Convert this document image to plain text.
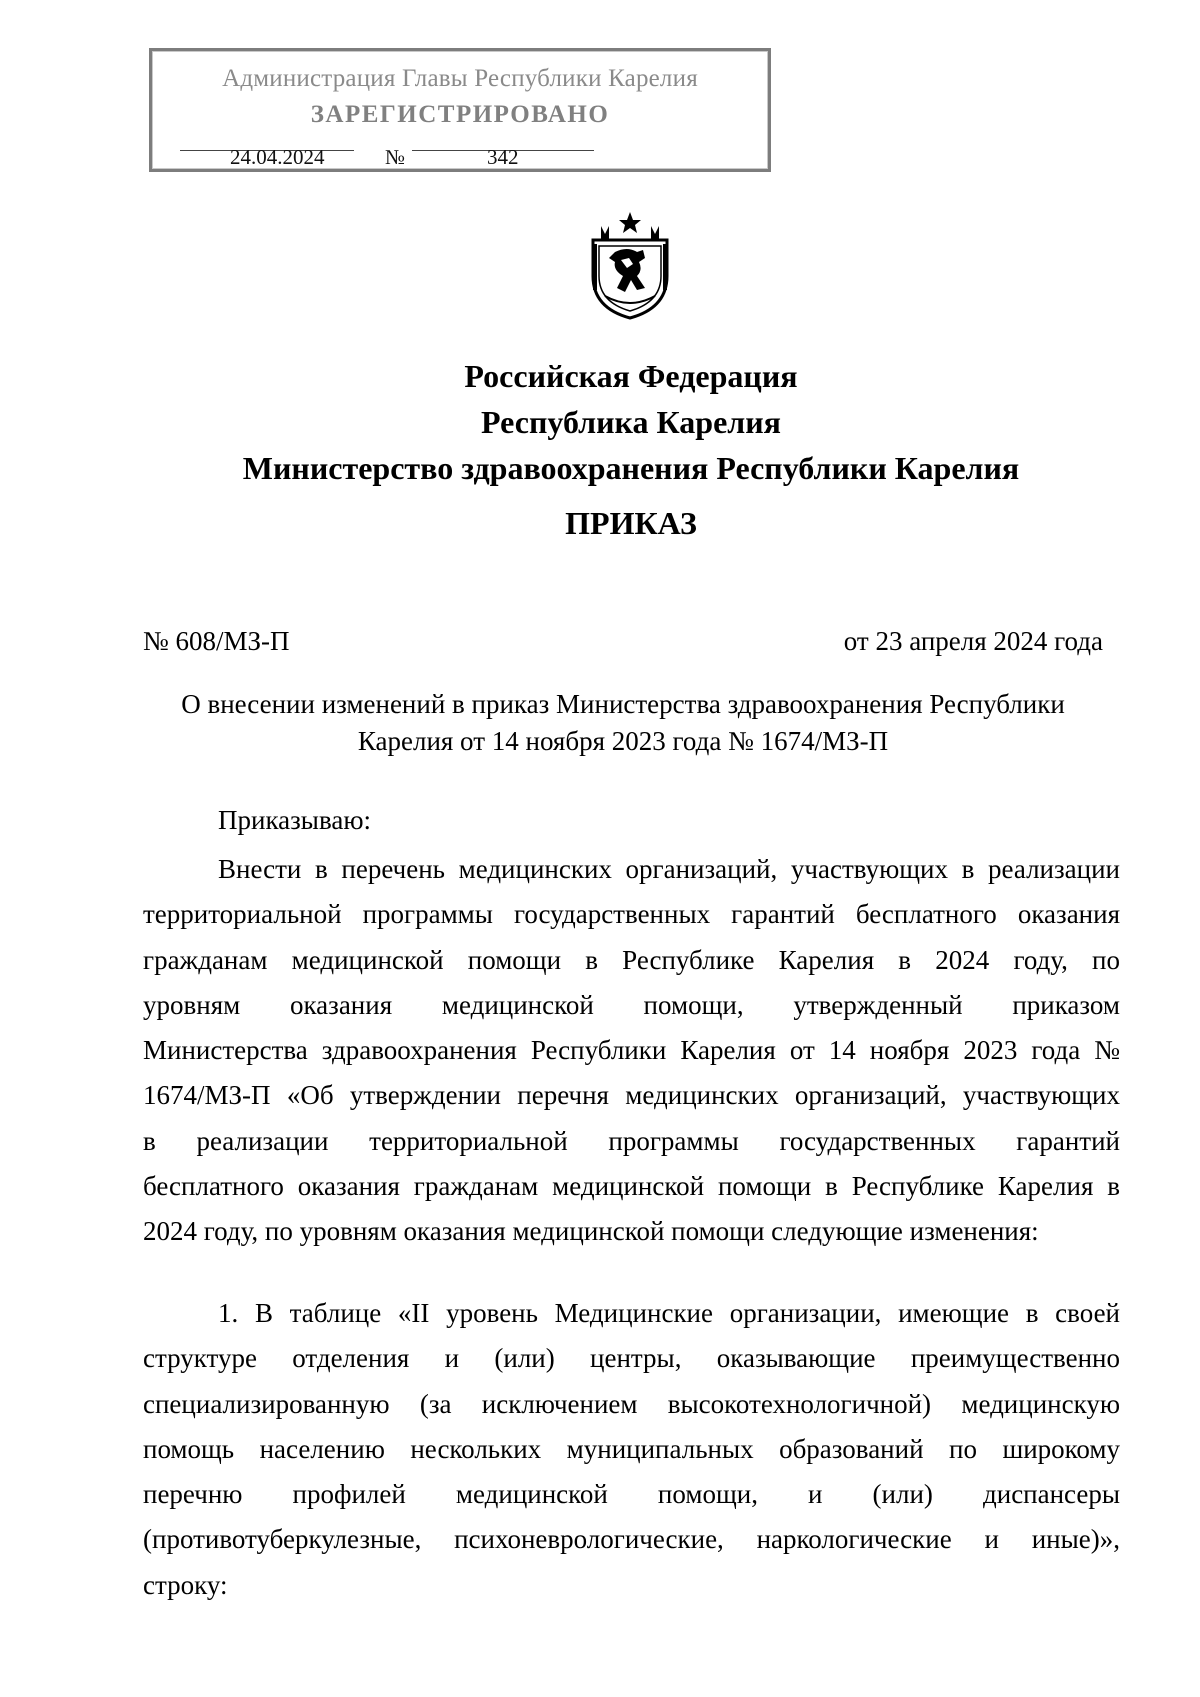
Администрация Главы Республики Карелия
ЗАРЕГИСТРИРОВАНО
24.04.2024	№	342
Российская Федерация
Республика Карелия
Министерство здравоохранения Республики Карелия
ПРИКАЗ
№ 608/МЗ-П	от 23 апреля 2024 года
О внесении изменений в приказ Министерства здравоохранения Республики
Карелия от 14 ноября 2023 года № 1674/МЗ-П
Приказываю:
Внести в перечень медицинских организаций, участвующих в реализации
территориальной программы государственных гарантий бесплатного оказания
гражданам медицинской помощи в Республике Карелия в 2024 году, по
уровням оказания медицинской помощи, утвержденный приказом
Министерства здравоохранения Республики Карелия от 14 ноября 2023 года №
1674/МЗ-П «Об утверждении перечня медицинских организаций, участвующих
в реализации территориальной программы государственных гарантий
бесплатного оказания гражданам медицинской помощи в Республике Карелия в
2024 году, по уровням оказания медицинской помощи следующие изменения:
1. В таблице «II уровень Медицинские организации, имеющие в своей
структуре отделения и (или) центры, оказывающие преимущественно
специализированную (за исключением высокотехнологичной) медицинскую
помощь населению нескольких муниципальных образований по широкому
перечню профилей медицинской помощи, и (или) диспансеры
(противотуберкулезные, психоневрологические, наркологические и иные)»,
строку:
